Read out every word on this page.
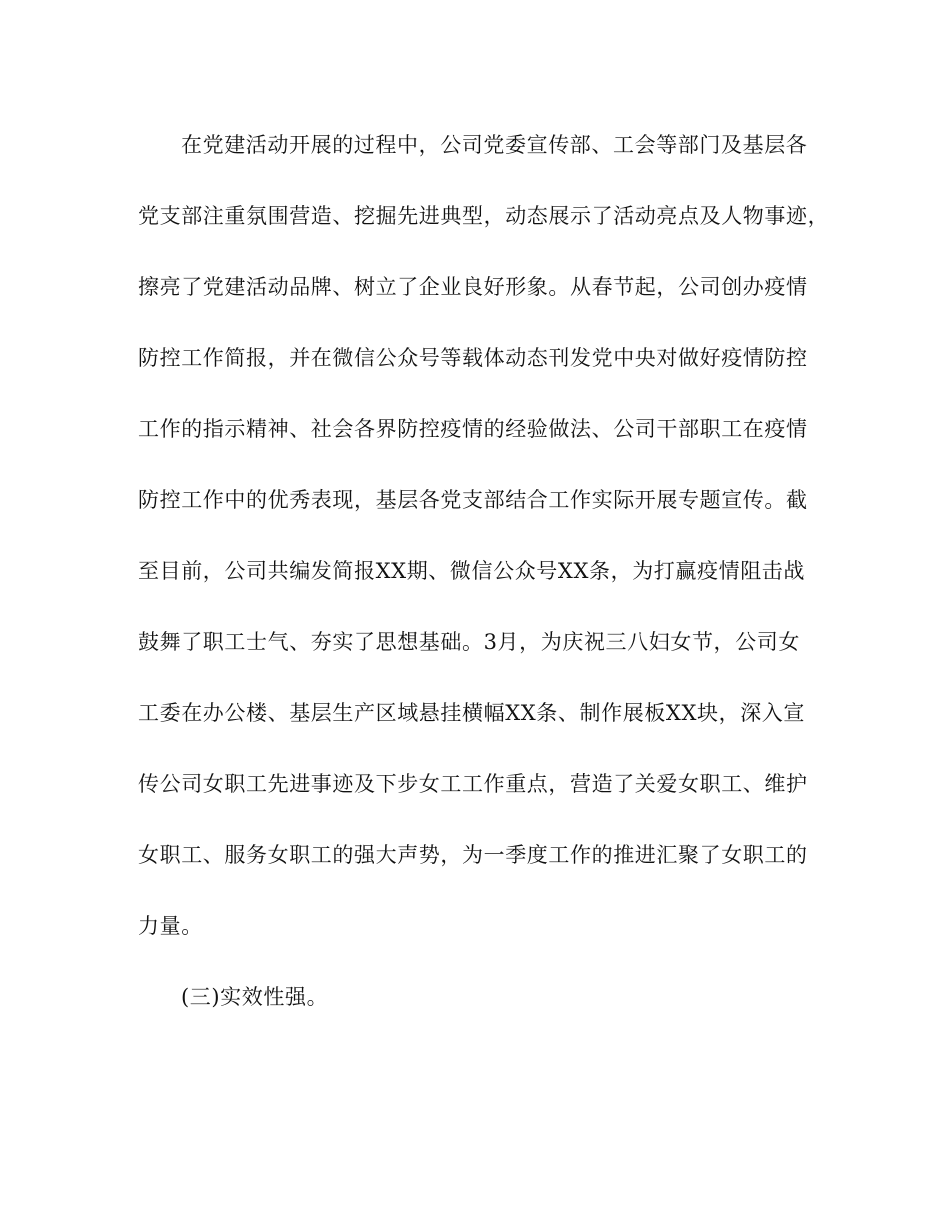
在党建活动开展的过程中，公司党委宣传部、工会等部门及基层各
党支部注重氛围营造、挖掘先进典型，动态展示了活动亮点及人物事迹，
擦亮了党建活动品牌、树立了企业良好形象。从春节起，公司创办疫情
防控工作简报，并在微信公众号等载体动态刊发党中央对做好疫情防控
工作的指示精神、社会各界防控疫情的经验做法、公司干部职工在疫情
防控工作中的优秀表现，基层各党支部结合工作实际开展专题宣传。截
至目前，公司共编发简报XX期、微信公众号XX条，为打赢疫情阻击战
鼓舞了职工士气、夯实了思想基础。3月，为庆祝三八妇女节，公司女
工委在办公楼、基层生产区域悬挂横幅XX条、制作展板XX块，深入宣
传公司女职工先进事迹及下步女工工作重点，营造了关爱女职工、维护
女职工、服务女职工的强大声势，为一季度工作的推进汇聚了女职工的
力量。
(三)实效性强。
